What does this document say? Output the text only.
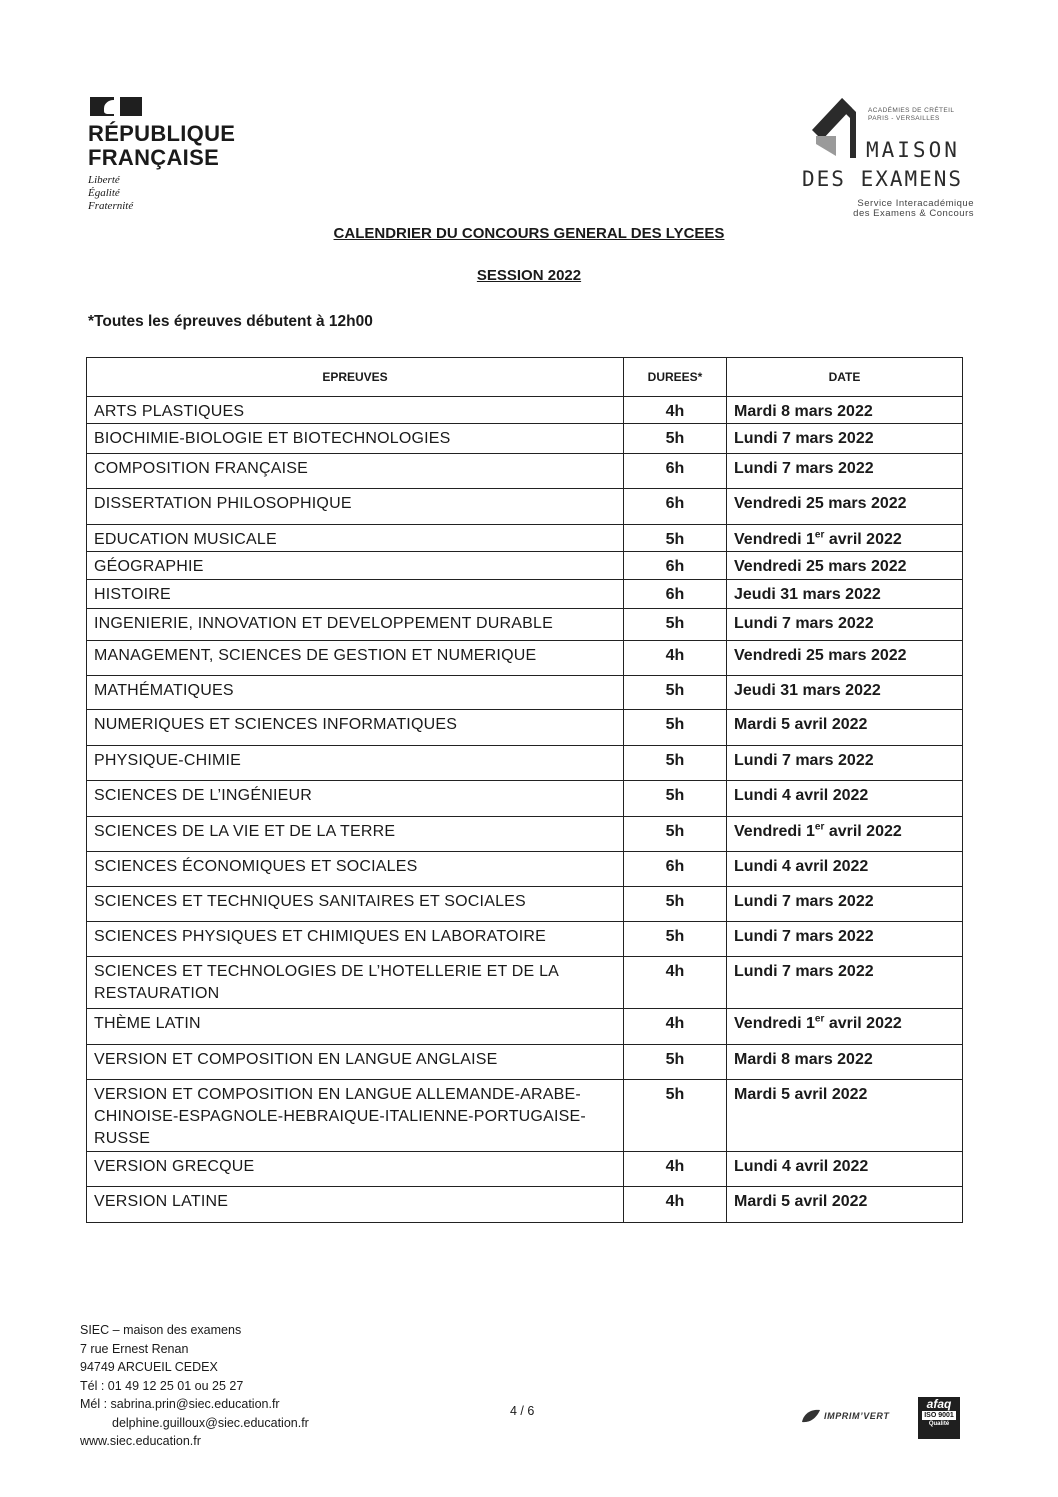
RÉPUBLIQUE
FRANÇAISE
Liberté
Égalité
Fraternité
ACADÉMIES DE CRÉTEIL
PARIS - VERSAILLES
MAISON
DES EXAMENS
Service Interacadémique
des Examens & Concours
CALENDRIER DU CONCOURS GENERAL DES LYCEES
SESSION 2022
*Toutes les épreuves débutent à 12h00
EPREUVES	DUREES*	DATE
ARTS PLASTIQUES	4h	Mardi 8 mars 2022
BIOCHIMIE-BIOLOGIE ET BIOTECHNOLOGIES	5h	Lundi 7 mars 2022
COMPOSITION FRANÇAISE	6h	Lundi 7 mars 2022
DISSERTATION PHILOSOPHIQUE	6h	Vendredi 25 mars 2022
EDUCATION MUSICALE	5h	Vendredi 1er avril 2022
GÉOGRAPHIE	6h	Vendredi 25 mars 2022
HISTOIRE	6h	Jeudi 31 mars 2022
INGENIERIE, INNOVATION ET DEVELOPPEMENT DURABLE	5h	Lundi 7 mars 2022
MANAGEMENT, SCIENCES DE GESTION ET NUMERIQUE	4h	Vendredi 25 mars 2022
MATHÉMATIQUES	5h	Jeudi 31 mars 2022
NUMERIQUES ET SCIENCES INFORMATIQUES	5h	Mardi 5 avril 2022
PHYSIQUE-CHIMIE	5h	Lundi 7 mars 2022
SCIENCES DE L’INGÉNIEUR	5h	Lundi 4 avril 2022
SCIENCES DE LA VIE ET DE LA TERRE	5h	Vendredi 1er avril 2022
SCIENCES ÉCONOMIQUES ET SOCIALES	6h	Lundi 4 avril 2022
SCIENCES ET TECHNIQUES SANITAIRES ET SOCIALES	5h	Lundi 7 mars 2022
SCIENCES PHYSIQUES ET CHIMIQUES EN LABORATOIRE	5h	Lundi 7 mars 2022
SCIENCES ET TECHNOLOGIES DE L’HOTELLERIE ET DE LA RESTAURATION	4h	Lundi 7 mars 2022
THÈME LATIN	4h	Vendredi 1er avril 2022
VERSION ET COMPOSITION EN LANGUE ANGLAISE	5h	Mardi 8 mars 2022
VERSION ET COMPOSITION EN LANGUE ALLEMANDE-ARABE-CHINOISE-ESPAGNOLE-HEBRAIQUE-ITALIENNE-PORTUGAISE-RUSSE	5h	Mardi 5 avril 2022
VERSION GRECQUE	4h	Lundi 4 avril 2022
VERSION LATINE	4h	Mardi 5 avril 2022
SIEC – maison des examens
7 rue Ernest Renan
94749 ARCUEIL CEDEX
Tél : 01 49 12 25 01 ou 25 27
Mél : sabrina.prin@siec.education.fr
delphine.guilloux@siec.education.fr
www.siec.education.fr
4 / 6	IMPRIM’VERT
afaq
ISO 9001
Qualité
